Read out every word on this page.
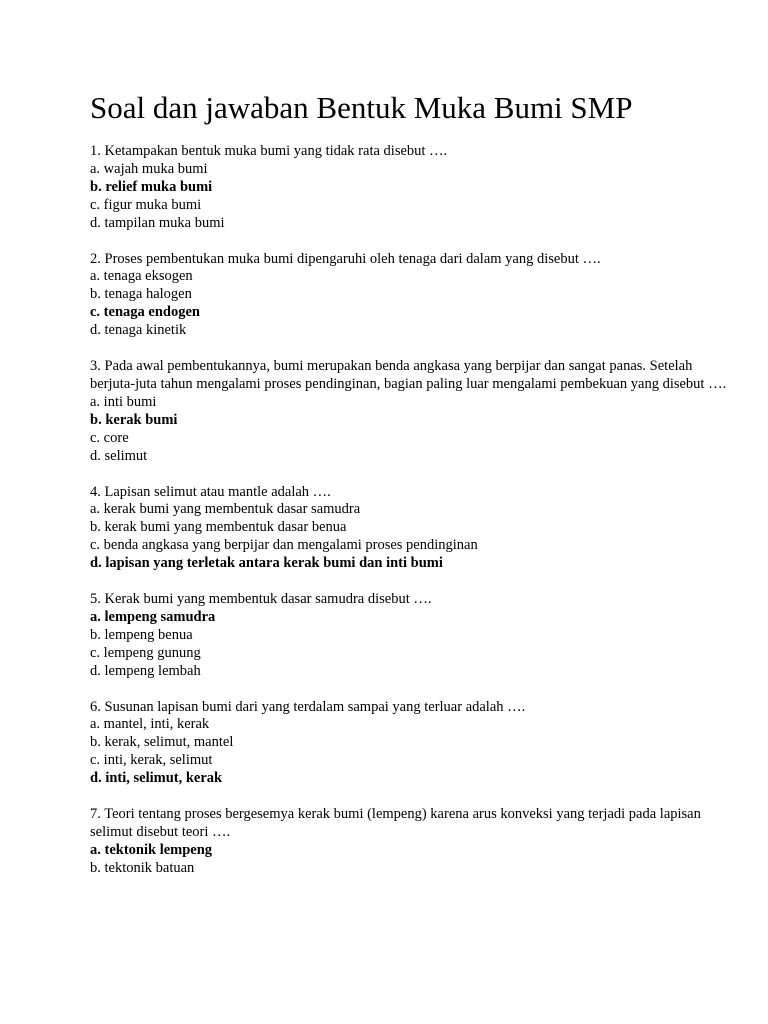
Soal dan jawaban Bentuk Muka Bumi SMP

1. Ketampakan bentuk muka bumi yang tidak rata disebut ….

a. wajah muka bumi

b. relief muka bumi

c. figur muka bumi

d. tampilan muka bumi

2. Proses pembentukan muka bumi dipengaruhi oleh tenaga dari dalam yang disebut ….

a. tenaga eksogen

b. tenaga halogen

c. tenaga endogen

d. tenaga kinetik

3. Pada awal pembentukannya, bumi merupakan benda angkasa yang berpijar dan sangat panas. Setelah berjuta-juta tahun mengalami proses pendinginan, bagian paling luar mengalami pembekuan yang disebut ….

a. inti bumi

b. kerak bumi

c. core

d. selimut

4. Lapisan selimut atau mantle adalah ….

a. kerak bumi yang membentuk dasar samudra

b. kerak bumi yang membentuk dasar benua

c. benda angkasa yang berpijar dan mengalami proses pendinginan

d. lapisan yang terletak antara kerak bumi dan inti bumi

5. Kerak bumi yang membentuk dasar samudra disebut ….

a. lempeng samudra

b. lempeng benua

c. lempeng gunung

d. lempeng lembah

6. Susunan lapisan bumi dari yang terdalam sampai yang terluar adalah ….

a. mantel, inti, kerak

b. kerak, selimut, mantel

c. inti, kerak, selimut

d. inti, selimut, kerak

7. Teori tentang proses bergesemya kerak bumi (lempeng) karena arus konveksi yang terjadi pada lapisan selimut disebut teori ….

a. tektonik lempeng

b. tektonik batuan
